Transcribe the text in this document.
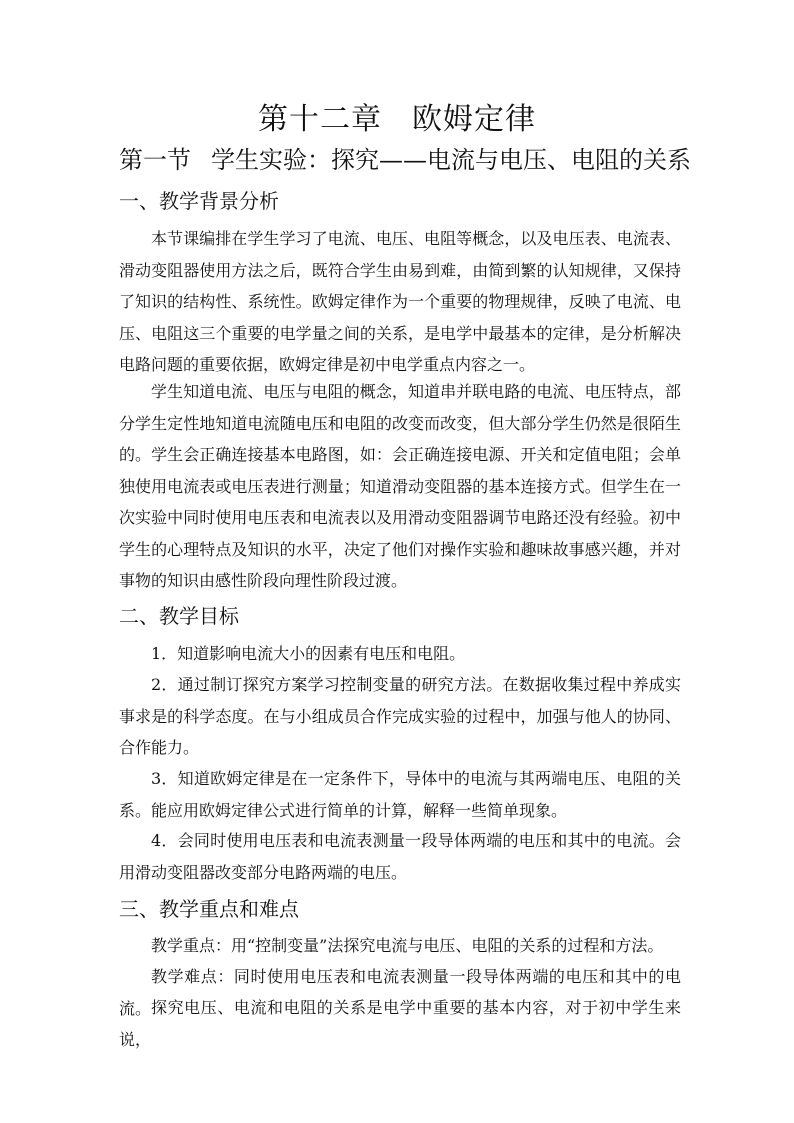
第十二章 欧姆定律
第一节 学生实验：探究——电流与电压、电阻的关系
一、教学背景分析
本节课编排在学生学习了电流、电压、电阻等概念，以及电压表、电流表、滑动变阻器使用方法之后，既符合学生由易到难，由简到繁的认知规律，又保持了知识的结构性、系统性。欧姆定律作为一个重要的物理规律，反映了电流、电压、电阻这三个重要的电学量之间的关系，是电学中最基本的定律，是分析解决电路问题的重要依据，欧姆定律是初中电学重点内容之一。
学生知道电流、电压与电阻的概念，知道串并联电路的电流、电压特点，部分学生定性地知道电流随电压和电阻的改变而改变，但大部分学生仍然是很陌生的。学生会正确连接基本电路图，如：会正确连接电源、开关和定值电阻；会单独使用电流表或电压表进行测量；知道滑动变阻器的基本连接方式。但学生在一次实验中同时使用电压表和电流表以及用滑动变阻器调节电路还没有经验。初中学生的心理特点及知识的水平，决定了他们对操作实验和趣味故事感兴趣，并对事物的知识由感性阶段向理性阶段过渡。
二、教学目标
1．知道影响电流大小的因素有电压和电阻。
2．通过制订探究方案学习控制变量的研究方法。在数据收集过程中养成实事求是的科学态度。在与小组成员合作完成实验的过程中，加强与他人的协同、合作能力。
3．知道欧姆定律是在一定条件下，导体中的电流与其两端电压、电阻的关系。能应用欧姆定律公式进行简单的计算，解释一些简单现象。
4．会同时使用电压表和电流表测量一段导体两端的电压和其中的电流。会用滑动变阻器改变部分电路两端的电压。
三、教学重点和难点
教学重点：用“控制变量”法探究电流与电压、电阻的关系的过程和方法。
教学难点：同时使用电压表和电流表测量一段导体两端的电压和其中的电流。 探究电压、电流和电阻的关系是电学中重要的基本内容，对于初中学生来说，
